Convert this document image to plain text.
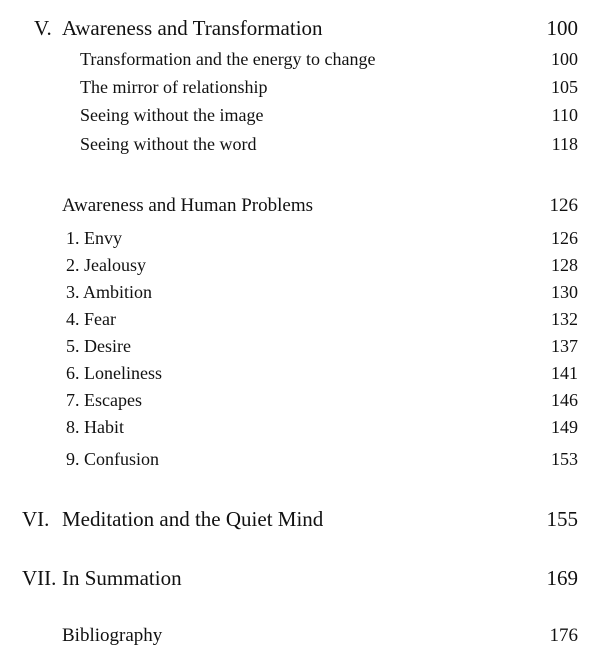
V. Awareness and Transformation	100
Transformation and the energy to change	100
The mirror of relationship	105
Seeing without the image	110
Seeing without the word	118
Awareness and Human Problems	126
1. Envy	126
2. Jealousy	128
3. Ambition	130
4. Fear	132
5. Desire	137
6. Loneliness	141
7. Escapes	146
8. Habit	149
9. Confusion	153
VI. Meditation and the Quiet Mind	155
VII. In Summation	169
Bibliography	176
